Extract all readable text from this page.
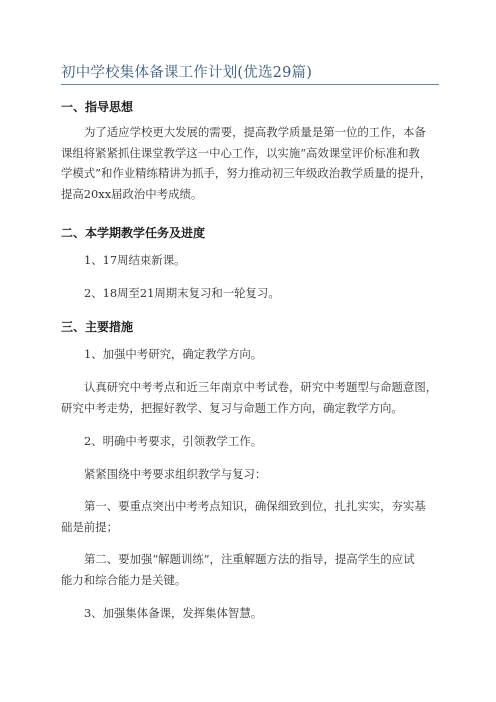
初中学校集体备课工作计划(优选29篇)
一、指导思想
为了适应学校更大发展的需要，提高教学质量是第一位的工作，本备
课组将紧紧抓住课堂教学这一中心工作，以实施“高效课堂评价标准和教
学模式”和作业精练精讲为抓手，努力推动初三年级政治教学质量的提升，
提高20xx届政治中考成绩。
二、本学期教学任务及进度
1、17周结束新课。
2、18周至21周期末复习和一轮复习。
三、主要措施
1、加强中考研究，确定教学方向。
认真研究中考考点和近三年南京中考试卷，研究中考题型与命题意图，
研究中考走势，把握好教学、复习与命题工作方向，确定教学方向。
2、明确中考要求，引领教学工作。
紧紧围绕中考要求组织教学与复习：
第一、要重点突出中考考点知识，确保细致到位，扎扎实实，夯实基
础是前提；
第二、要加强“解题训练”，注重解题方法的指导，提高学生的应试
能力和综合能力是关键。
3、加强集体备课，发挥集体智慧。
